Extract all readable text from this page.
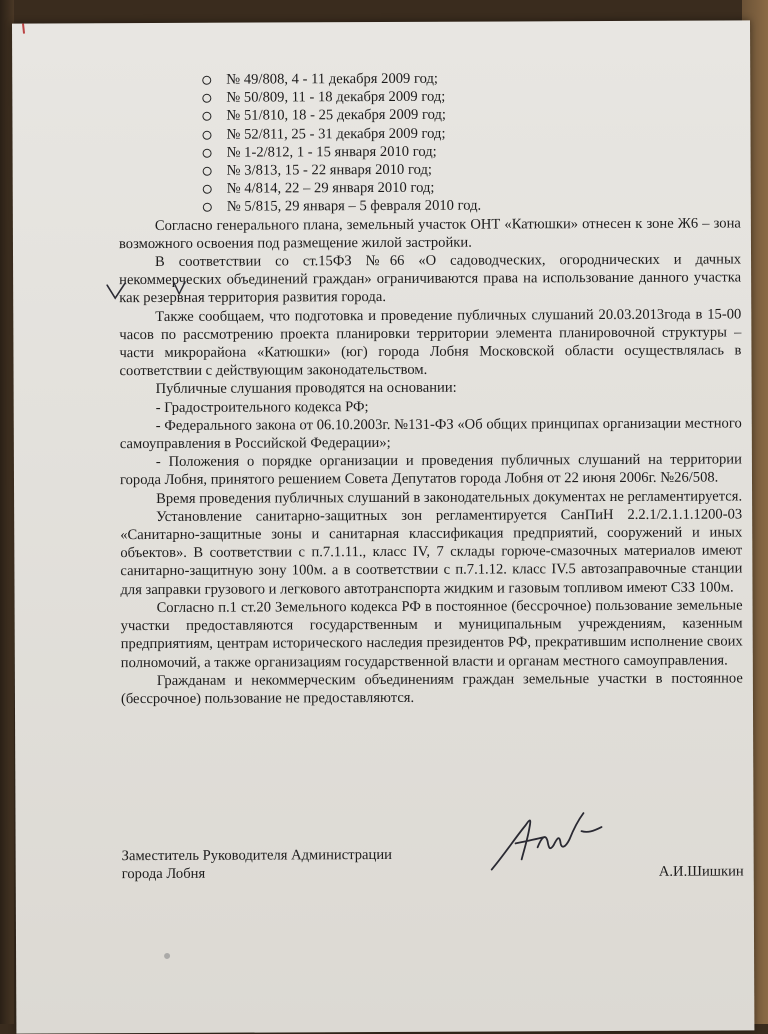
№ 49/808, 4 - 11 декабря 2009 год;
№ 50/809, 11 - 18 декабря 2009 год;
№ 51/810, 18 - 25 декабря 2009 год;
№ 52/811, 25 - 31 декабря 2009 год;
№ 1-2/812, 1 - 15 января 2010 год;
№ 3/813, 15 - 22 января 2010 год;
№ 4/814, 22 – 29 января 2010 год;
№ 5/815, 29 января – 5 февраля 2010 год.

Согласно генерального плана, земельный участок ОНТ «Катюшки» отнесен к зоне Ж6 – зона возможного освоения под размещение жилой застройки.

В соответствии со ст.15ФЗ №66 «О садоводческих, огороднических и дачных некоммерческих объединений граждан» ограничиваются права на использование данного участка как резервная территория развития города.

Также сообщаем, что подготовка и проведение публичных слушаний 20.03.2013года в 15-00 часов по рассмотрению проекта планировки территории элемента планировочной структуры – части микрорайона «Катюшки» (юг) города Лобня Московской области осуществлялась в соответствии с действующим законодательством.

Публичные слушания проводятся на основании:

- Градостроительного кодекса РФ;

- Федерального закона от 06.10.2003г. №131-ФЗ «Об общих принципах организации местного самоуправления в Российской Федерации»;

- Положения о порядке организации и проведения публичных слушаний на территории города Лобня, принятого решением Совета Депутатов города Лобня от 22 июня 2006г. №26/508.

Время проведения публичных слушаний в законодательных документах не регламентируется.

Установление санитарно-защитных зон регламентируется СанПиН 2.2.1/2.1.1.1200-03 «Санитарно-защитные зоны и санитарная классификация предприятий, сооружений и иных объектов». В соответствии с п.7.1.11., класс IV, 7 склады горюче-смазочных материалов имеют санитарно-защитную зону 100м. а в соответствии с п.7.1.12. класс IV.5 автозаправочные станции для заправки грузового и легкового автотранспорта жидким и газовым топливом имеют СЗЗ 100м.

Согласно п.1 ст.20 Земельного кодекса РФ в постоянное (бессрочное) пользование земельные участки предоставляются государственным и муниципальным учреждениям, казенным предприятиям, центрам исторического наследия президентов РФ, прекратившим исполнение своих полномочий, а также организациям государственной власти и органам местного самоуправления.

Гражданам и некоммерческим объединениям граждан земельные участки в постоянное (бессрочное) пользование не предоставляются.

Заместитель Руководителя Администрации
города Лобня	А.И.Шишкин
